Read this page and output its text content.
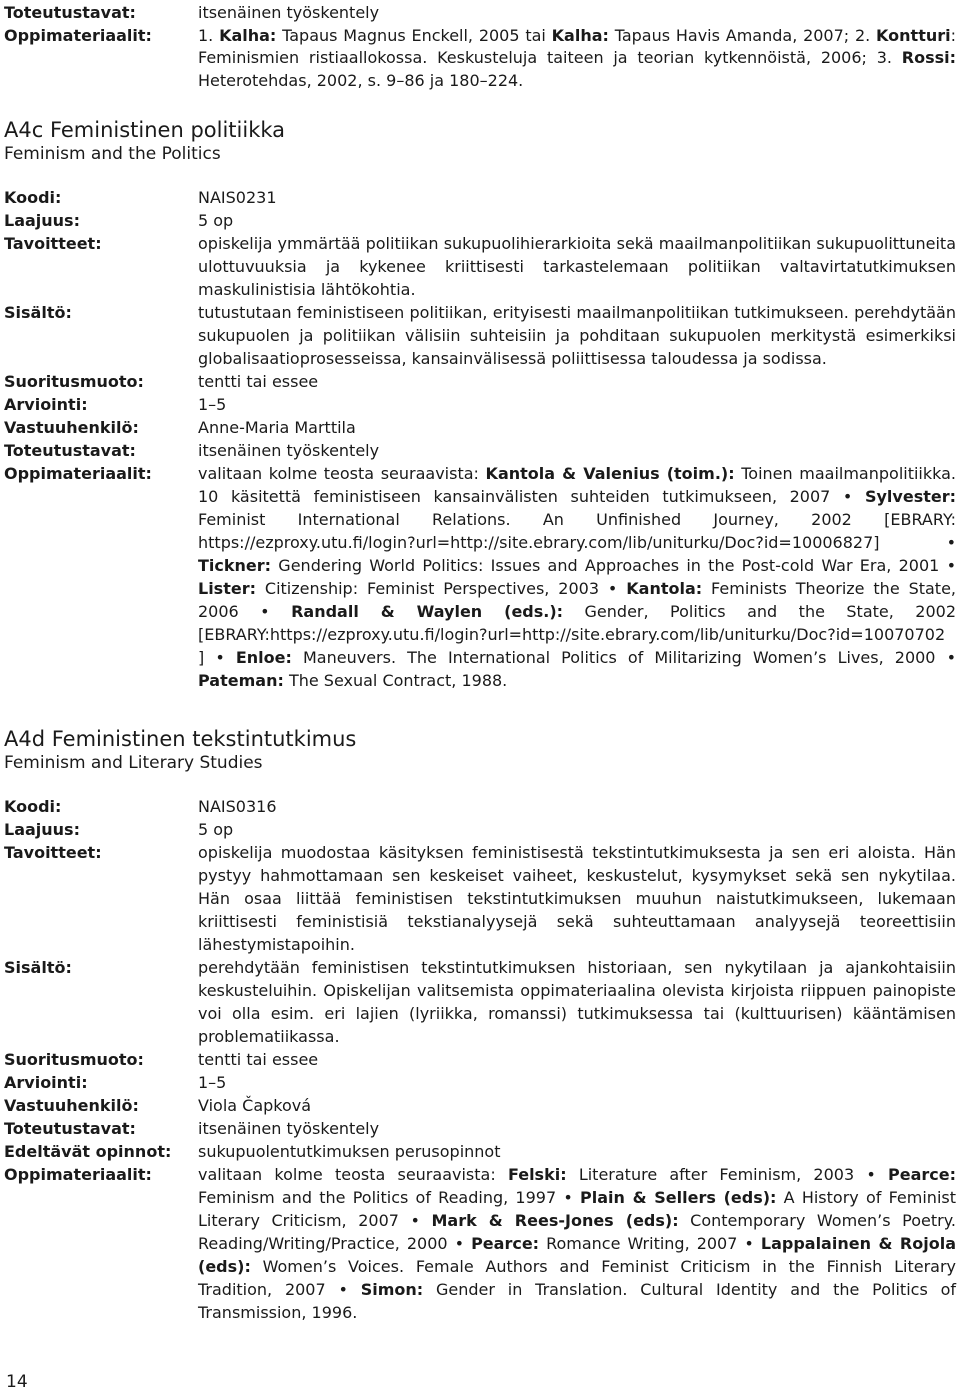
Toteutustavat:	itsenäinen työskentely
Oppimateriaalit:	1. Kalha: Tapaus Magnus Enckell, 2005 tai Kalha: Tapaus Havis Amanda, 2007; 2. Kontturi: Feminismien ristiaallokossa. Keskusteluja taiteen ja teorian kytkennöistä, 2006; 3. Rossi: Heterotehdas, 2002, s. 9–86 ja 180–224.
A4c Feministinen politiikka

Feminism and the Politics

Koodi:	NAIS0231
Laajuus:	5 op
Tavoitteet:	opiskelija ymmärtää politiikan sukupuolihierarkioita sekä maailmanpolitiikan sukupuolittuneita ulottuvuuksia ja kykenee kriittisesti tarkastelemaan politiikan valtavirtatutkimuksen maskulinistisia lähtökohtia.
Sisältö:	tutustutaan feministiseen politiikan, erityisesti maailmanpolitiikan tutkimukseen. perehdytään sukupuolen ja politiikan välisiin suhteisiin ja pohditaan sukupuolen merkitystä esimerkiksi globalisaatioprosesseissa, kansainvälisessä poliittisessa taloudessa ja sodissa.
Suoritusmuoto:	tentti tai essee
Arviointi:	1–5
Vastuuhenkilö:	Anne-Maria Marttila
Toteutustavat:	itsenäinen työskentely
Oppimateriaalit:	valitaan kolme teosta seuraavista: Kantola & Valenius (toim.): Toinen maailmanpolitiikka. 10 käsitettä feministiseen kansainvälisten suhteiden tutkimukseen, 2007 • Sylvester: Feminist International Relations. An Unfinished Journey, 2002 [EBRARY: https://ezproxy.utu.fi/login?url=http://site.ebrary.com/lib/uniturku/Doc?id=10006827] • Tickner: Gendering World Politics: Issues and Approaches in the Post-cold War Era, 2001 • Lister: Citizenship: Feminist Perspectives, 2003 • Kantola: Feminists Theorize the State, 2006 • Randall & Waylen (eds.): Gender, Politics and the State, 2002 [EBRARY:https://ezproxy.utu.fi/login?url=http://site.ebrary.com/lib/uniturku/Doc?id=10070702 ] • Enloe: Maneuvers. The International Politics of Militarizing Women’s Lives, 2000 • Pateman: The Sexual Contract, 1988.
A4d Feministinen tekstintutkimus

Feminism and Literary Studies

Koodi:	NAIS0316
Laajuus:	5 op
Tavoitteet:	opiskelija muodostaa käsityksen feministisestä tekstintutkimuksesta ja sen eri aloista. Hän pystyy hahmottamaan sen keskeiset vaiheet, keskustelut, kysymykset sekä sen nykytilaa. Hän osaa liittää feministisen tekstintutkimuksen muuhun naistutkimukseen, lukemaan kriittisesti feministisiä tekstianalyysejä sekä suhteuttamaan analyysejä teoreettisiin lähestymistapoihin.
Sisältö:	perehdytään feministisen tekstintutkimuksen historiaan, sen nykytilaan ja ajankohtaisiin keskusteluihin. Opiskelijan valitsemista oppimateriaalina olevista kirjoista riippuen painopiste voi olla esim. eri lajien (lyriikka, romanssi) tutkimuksessa tai (kulttuurisen) kääntämisen problematiikassa.
Suoritusmuoto:	tentti tai essee
Arviointi:	1–5
Vastuuhenkilö:	Viola Čapková
Toteutustavat:	itsenäinen työskentely
Edeltävät opinnot:	sukupuolentutkimuksen perusopinnot
Oppimateriaalit:	valitaan kolme teosta seuraavista: Felski: Literature after Feminism, 2003 • Pearce: Feminism and the Politics of Reading, 1997 • Plain & Sellers (eds): A History of Feminist Literary Criticism, 2007 • Mark & Rees-Jones (eds): Contemporary Women’s Poetry. Reading/Writing/Practice, 2000 • Pearce: Romance Writing, 2007 • Lappalainen & Rojola (eds): Women’s Voices. Female Authors and Feminist Criticism in the Finnish Literary Tradition, 2007 • Simon: Gender in Translation. Cultural Identity and the Politics of Transmission, 1996.
14
